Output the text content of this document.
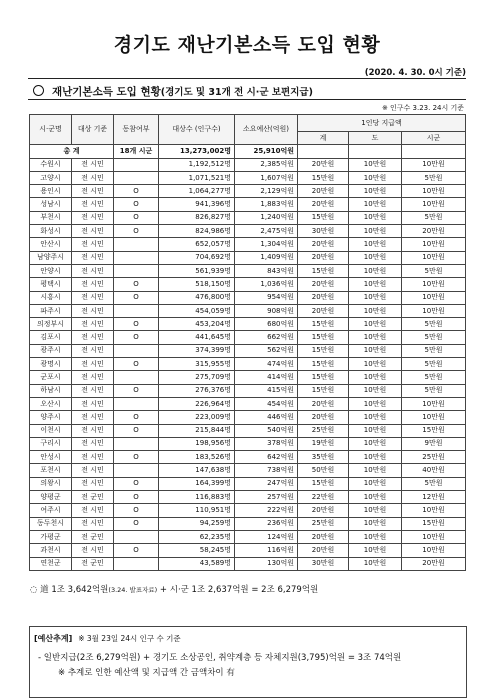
경기도 재난기본소득 도입 현황
(2020. 4. 30. 0시 기준)
재난기본소득 도입 현황(경기도 및 31개 전 시·군 보편지급)
※ 인구수 3.23. 24시 기준
시·군명	대상 기준	동참여부	대상수 (인구수)	소요예산(억원)	1인당 지급액		
					계	도	시군
총 계		18개 시군	13,273,002명	25,910억원			
수원시	전 시민		1,192,512명	2,385억원	20만원	10만원	10만원
고양시	전 시민		1,071,521명	1,607억원	15만원	10만원	5만원
용인시	전 시민	O	1,064,277명	2,129억원	20만원	10만원	10만원
성남시	전 시민	O	941,396명	1,883억원	20만원	10만원	10만원
부천시	전 시민	O	826,827명	1,240억원	15만원	10만원	5만원
화성시	전 시민	O	824,986명	2,475억원	30만원	10만원	20만원
안산시	전 시민		652,057명	1,304억원	20만원	10만원	10만원
남양주시	전 시민		704,692명	1,409억원	20만원	10만원	10만원
안양시	전 시민		561,939명	843억원	15만원	10만원	5만원
평택시	전 시민	O	518,150명	1,036억원	20만원	10만원	10만원
시흥시	전 시민	O	476,800명	954억원	20만원	10만원	10만원
파주시	전 시민		454,059명	908억원	20만원	10만원	10만원
의정부시	전 시민	O	453,204명	680억원	15만원	10만원	5만원
김포시	전 시민	O	441,645명	662억원	15만원	10만원	5만원
광주시	전 시민		374,399명	562억원	15만원	10만원	5만원
광명시	전 시민	O	315,955명	474억원	15만원	10만원	5만원
군포시	전 시민		275,709명	414억원	15만원	10만원	5만원
하남시	전 시민	O	276,376명	415억원	15만원	10만원	5만원
오산시	전 시민		226,964명	454억원	20만원	10만원	10만원
양주시	전 시민	O	223,009명	446억원	20만원	10만원	10만원
이천시	전 시민	O	215,844명	540억원	25만원	10만원	15만원
구리시	전 시민		198,956명	378억원	19만원	10만원	9만원
안성시	전 시민	O	183,526명	642억원	35만원	10만원	25만원
포천시	전 시민		147,638명	738억원	50만원	10만원	40만원
의왕시	전 시민	O	164,399명	247억원	15만원	10만원	5만원
양평군	전 군민	O	116,883명	257억원	22만원	10만원	12만원
여주시	전 시민	O	110,951명	222억원	20만원	10만원	10만원
동두천시	전 시민	O	94,259명	236억원	25만원	10만원	15만원
가평군	전 군민		62,235명	124억원	20만원	10만원	10만원
과천시	전 시민	O	58,245명	116억원	20만원	10만원	10만원
연천군	전 군민		43,589명	130억원	30만원	10만원	20만원
◌ 道 1조 3,642억원(3.24. 발표자료) + 시·군 1조 2,637억원 = 2조 6,279억원
[예산추계] ※ 3월 23일 24시 인구 수 기준
- 일반지급(2조 6,279억원) + 경기도 소상공인, 취약계층 등 자체지원(3,795)억원 = 3조 74억원
※ 추계로 인한 예산액 및 지급액 간 금액차이 有
